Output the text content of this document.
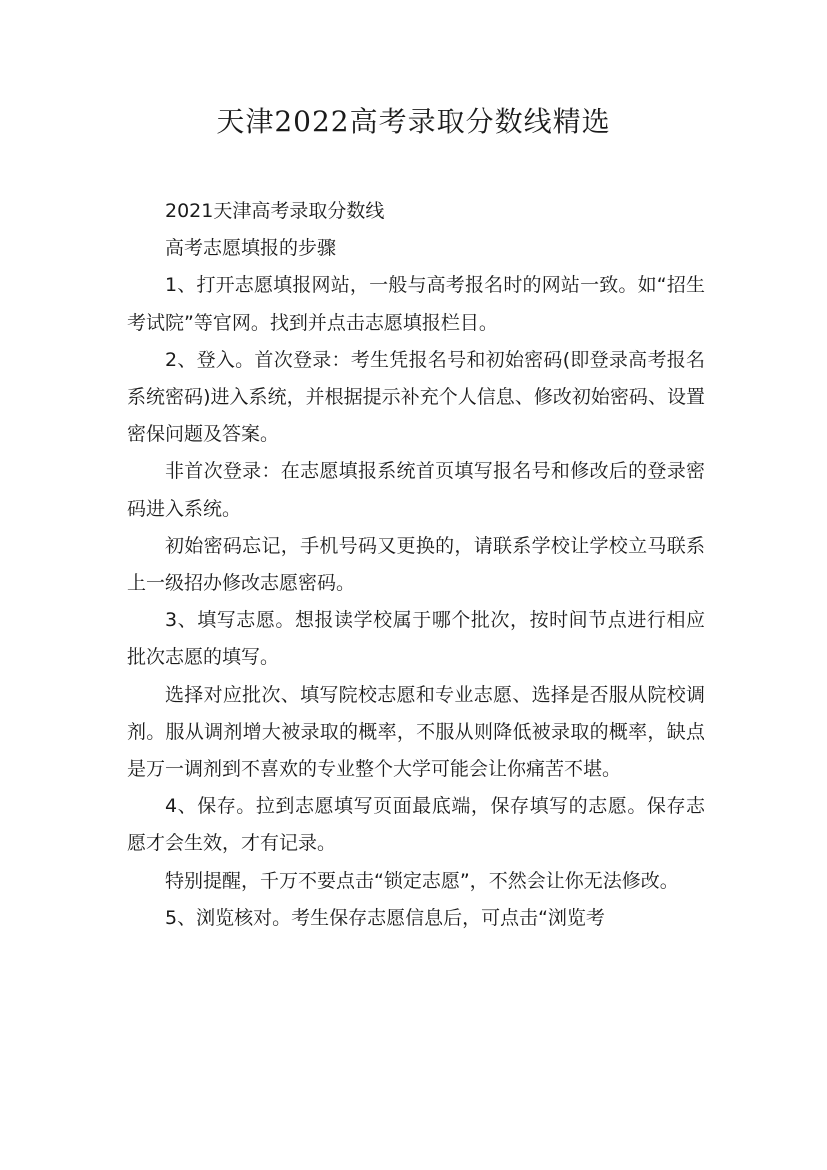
天津2022高考录取分数线精选

2021天津高考录取分数线

高考志愿填报的步骤

1、打开志愿填报网站，一般与高考报名时的网站一致。如“招生考试院”等官网。找到并点击志愿填报栏目。

2、登入。首次登录：考生凭报名号和初始密码(即登录高考报名系统密码)进入系统，并根据提示补充个人信息、修改初始密码、设置密保问题及答案。

非首次登录：在志愿填报系统首页填写报名号和修改后的登录密码进入系统。

初始密码忘记，手机号码又更换的，请联系学校让学校立马联系上一级招办修改志愿密码。

3、填写志愿。想报读学校属于哪个批次，按时间节点进行相应批次志愿的填写。

选择对应批次、填写院校志愿和专业志愿、选择是否服从院校调剂。服从调剂增大被录取的概率，不服从则降低被录取的概率，缺点是万一调剂到不喜欢的专业整个大学可能会让你痛苦不堪。

4、保存。拉到志愿填写页面最底端，保存填写的志愿。保存志愿才会生效，才有记录。

特别提醒，千万不要点击“锁定志愿”，不然会让你无法修改。

5、浏览核对。考生保存志愿信息后，可点击“浏览考
